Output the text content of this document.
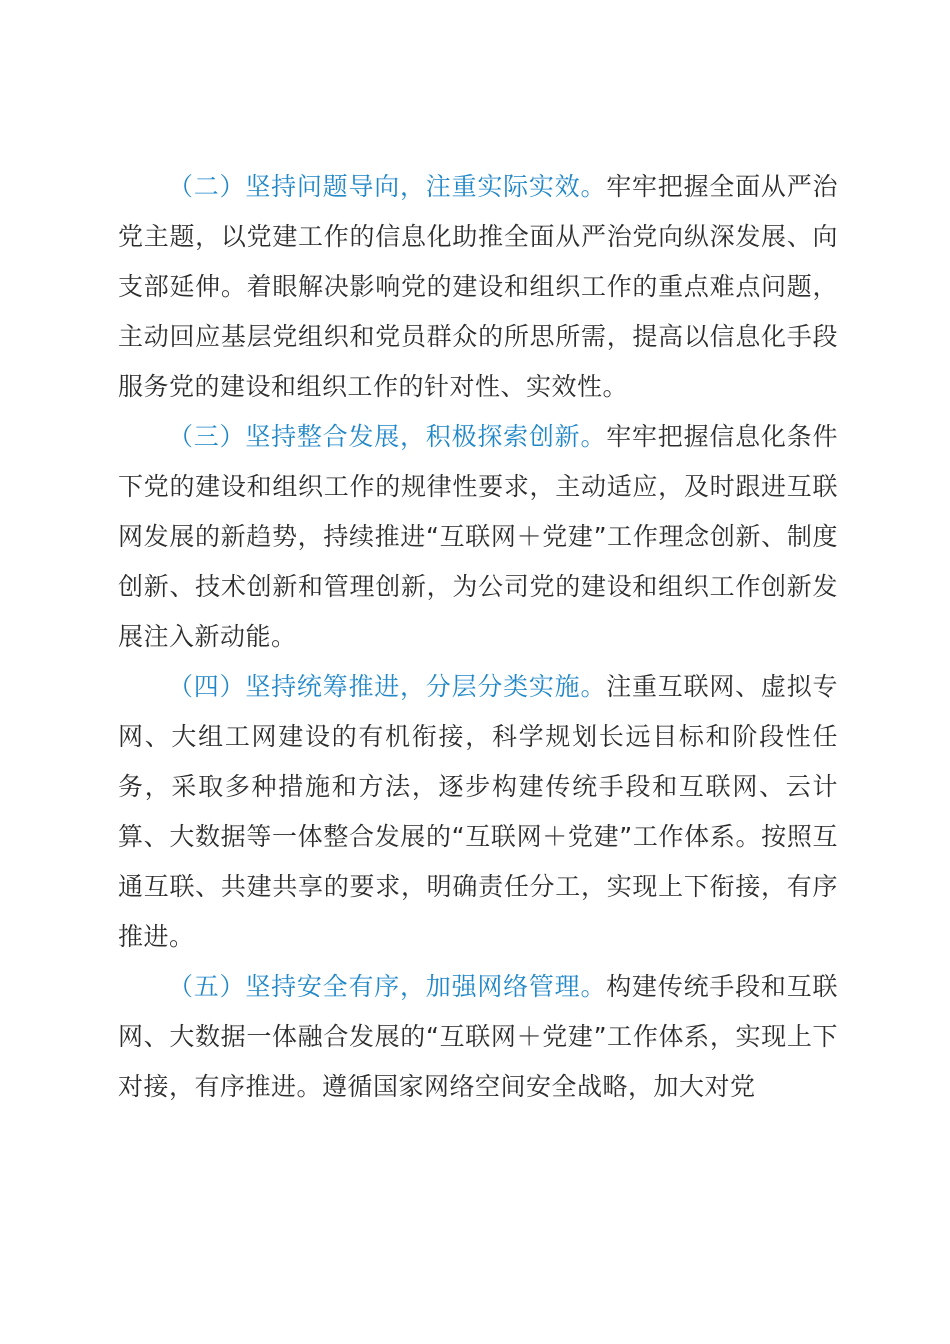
（二）坚持问题导向，注重实际实效。牢牢把握全面从严治党主题，以党建工作的信息化助推全面从严治党向纵深发展、向支部延伸。着眼解决影响党的建设和组织工作的重点难点问题，主动回应基层党组织和党员群众的所思所需，提高以信息化手段服务党的建设和组织工作的针对性、实效性。

（三）坚持整合发展，积极探索创新。牢牢把握信息化条件下党的建设和组织工作的规律性要求，主动适应，及时跟进互联网发展的新趋势，持续推进“互联网＋党建”工作理念创新、制度创新、技术创新和管理创新，为公司党的建设和组织工作创新发展注入新动能。

（四）坚持统筹推进，分层分类实施。注重互联网、虚拟专网、大组工网建设的有机衔接，科学规划长远目标和阶段性任务，采取多种措施和方法，逐步构建传统手段和互联网、云计算、大数据等一体整合发展的“互联网＋党建”工作体系。按照互通互联、共建共享的要求，明确责任分工，实现上下衔接，有序推进。

（五）坚持安全有序，加强网络管理。构建传统手段和互联网、大数据一体融合发展的“互联网＋党建”工作体系，实现上下对接，有序推进。遵循国家网络空间安全战略，加大对党
